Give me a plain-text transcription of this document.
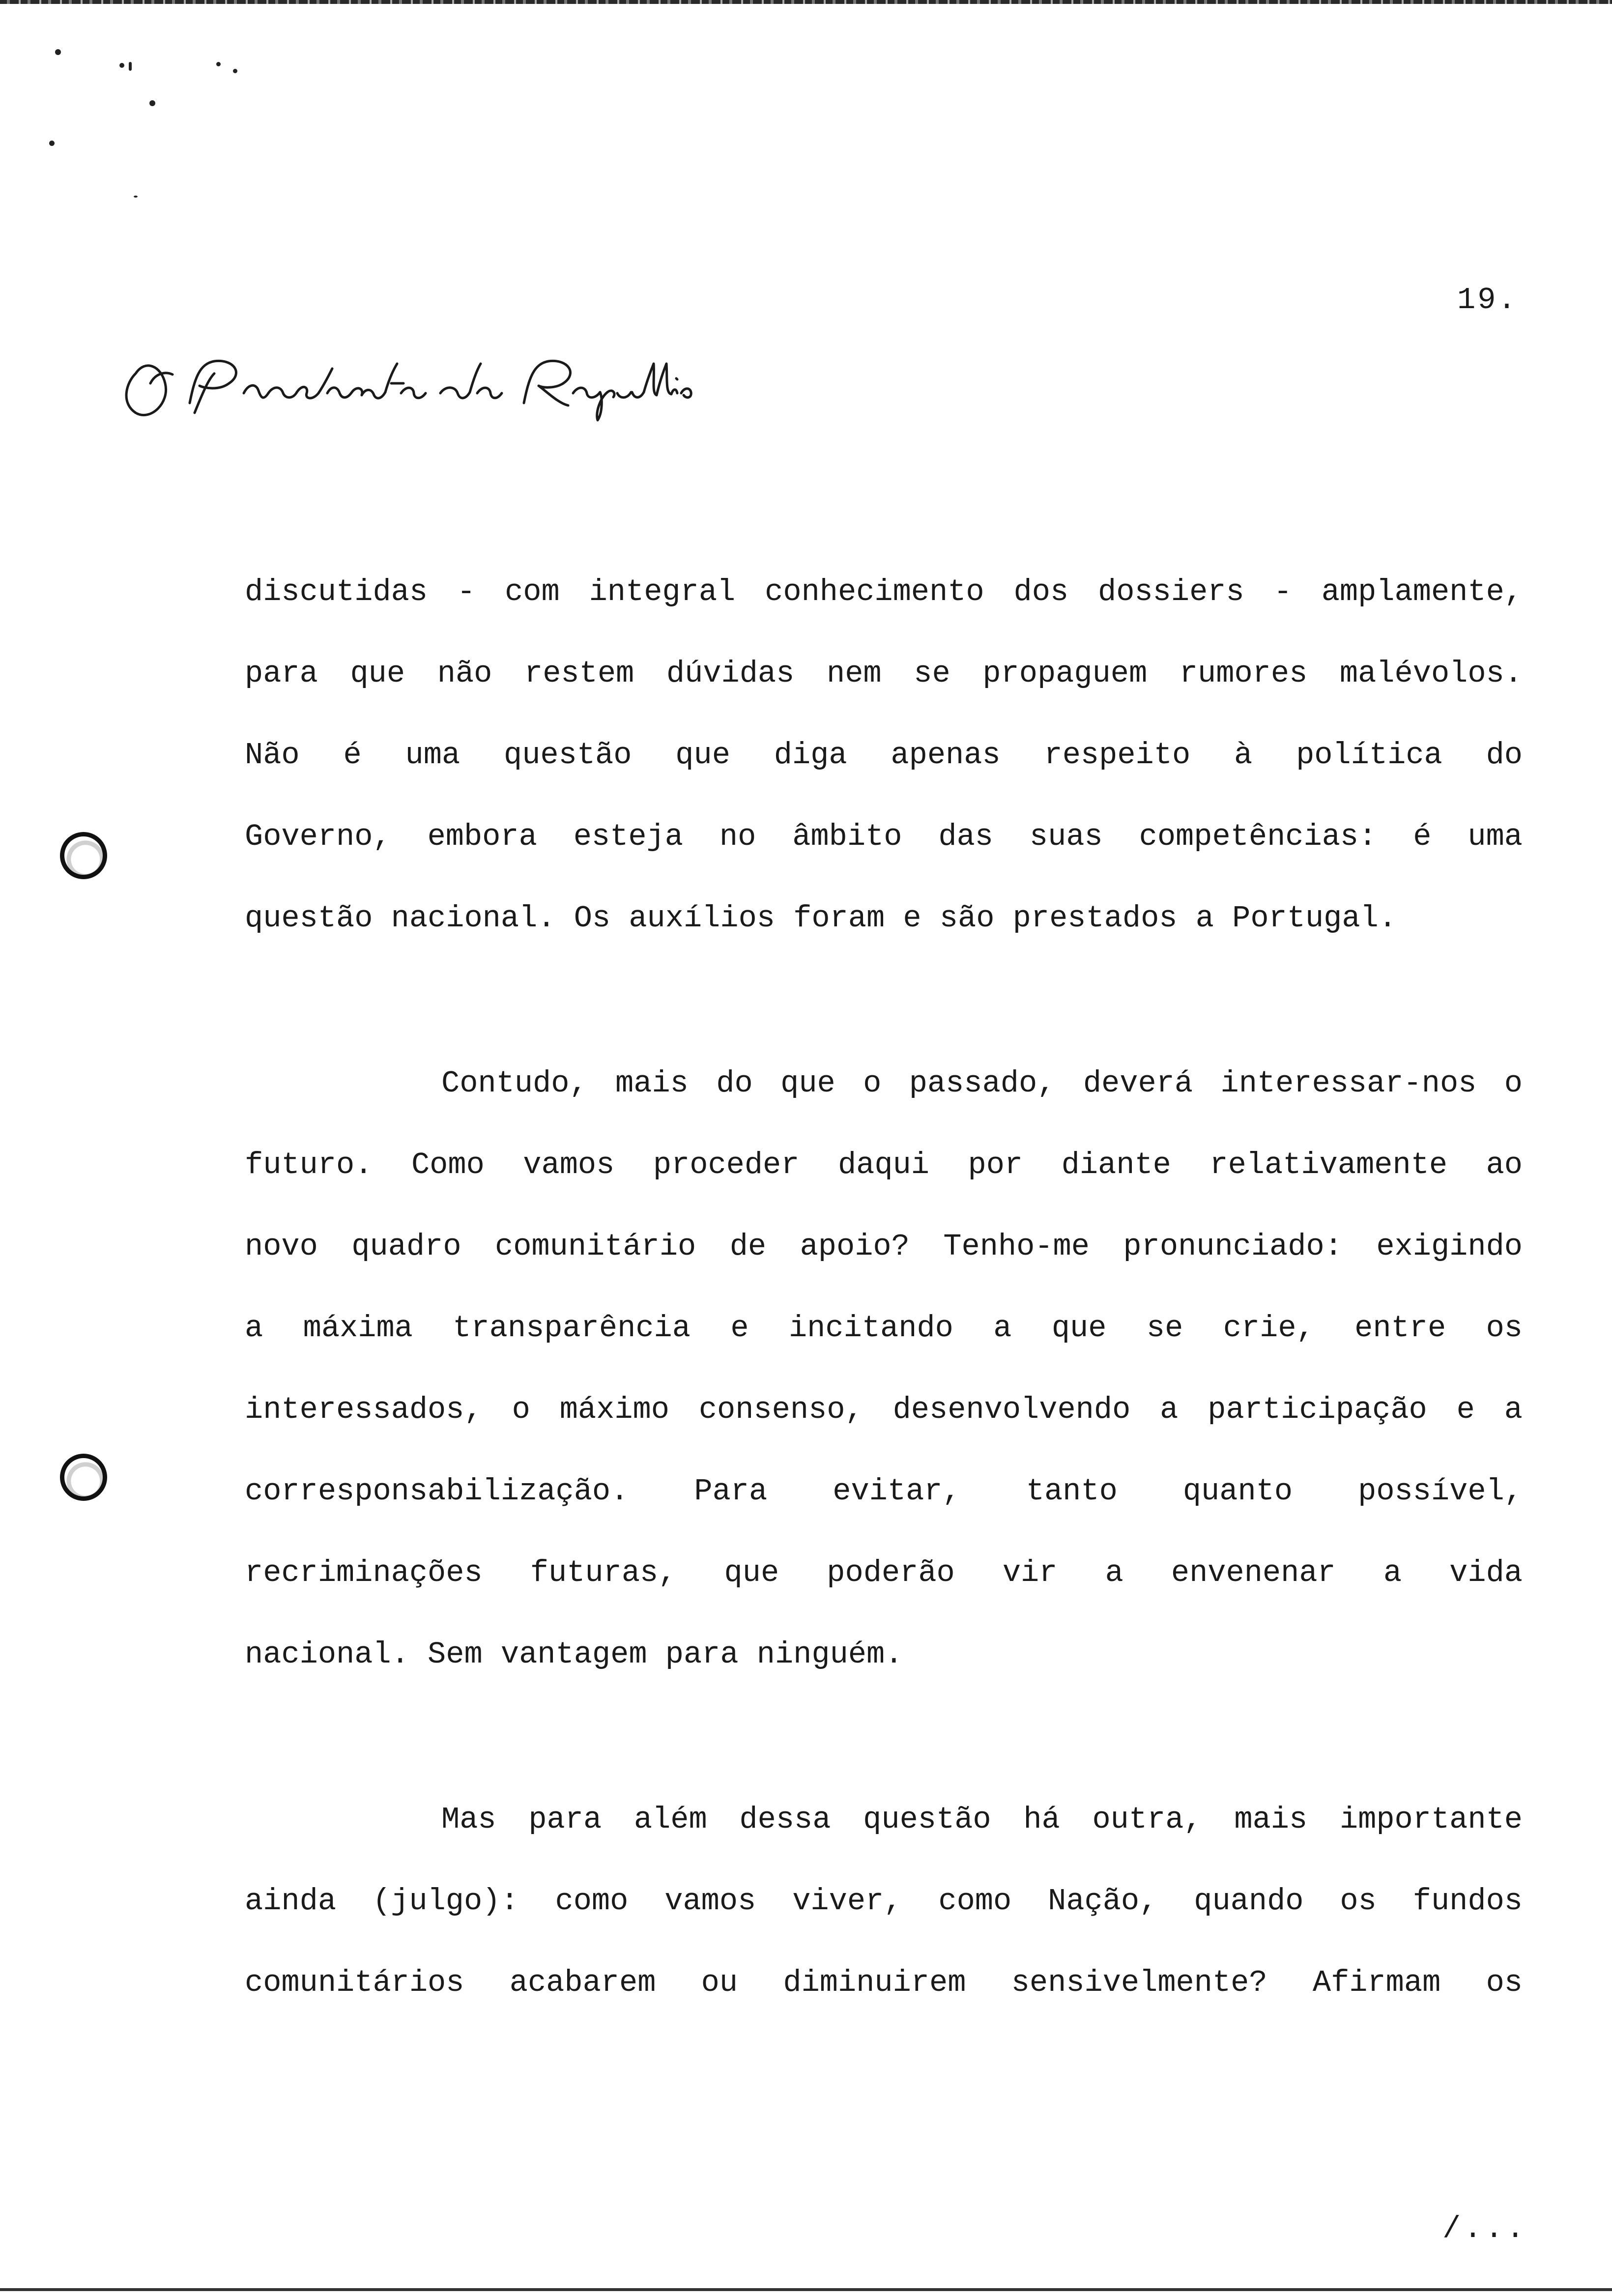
19.
discutidas - com integral conhecimento dos dossiers - amplamente,
para que não restem dúvidas nem se propaguem rumores malévolos.
Não é uma questão que diga apenas respeito à política do
Governo, embora esteja no âmbito das suas competências: é uma
questão nacional. Os auxílios foram e são prestados a Portugal.
Contudo, mais do que o passado, deverá interessar-nos o
futuro. Como vamos proceder daqui por diante relativamente ao
novo quadro comunitário de apoio? Tenho-me pronunciado: exigindo
a máxima transparência e incitando a que se crie, entre os
interessados, o máximo consenso, desenvolvendo a participação e a
corresponsabilização. Para evitar, tanto quanto possível,
recriminações futuras, que poderão vir a envenenar a vida
nacional. Sem vantagem para ninguém.
Mas para além dessa questão há outra, mais importante
ainda (julgo): como vamos viver, como Nação, quando os fundos
comunitários acabarem ou diminuirem sensivelmente? Afirmam os
/...
